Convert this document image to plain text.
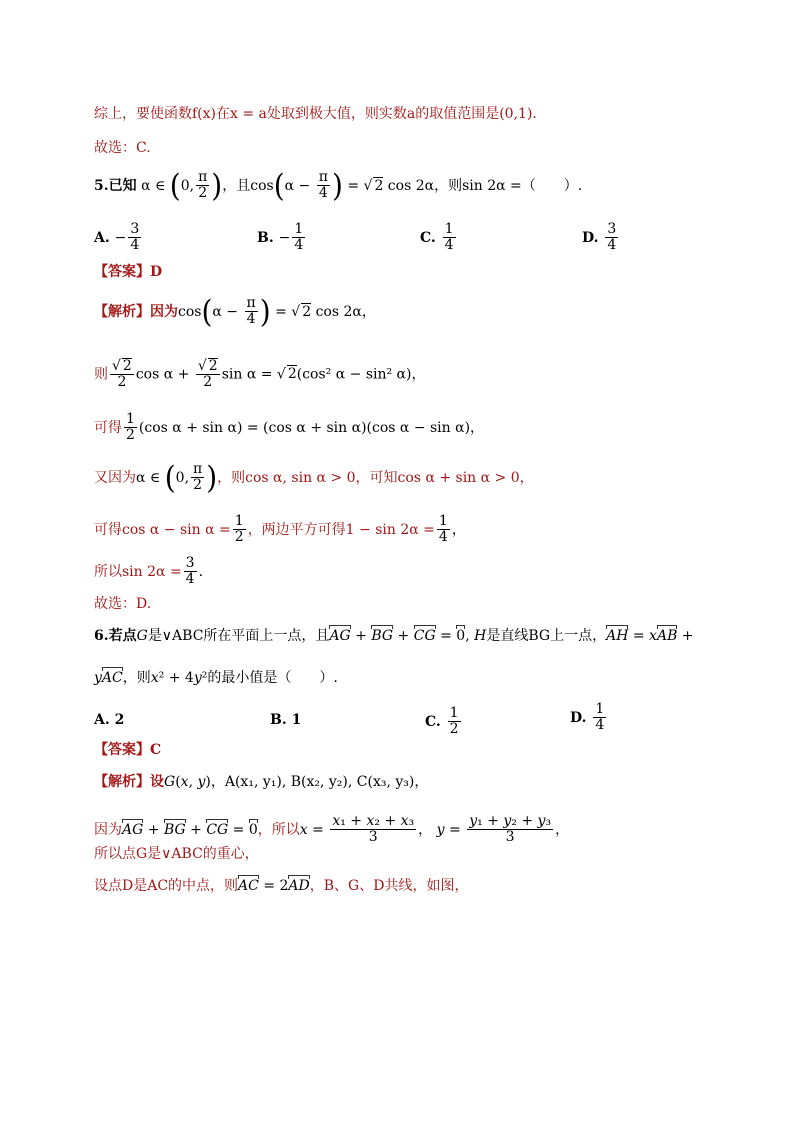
综上，要使函数f(x)在x = a处取到极大值，则实数a的取值范围是(0,1)．
故选：C.
5.已知 α ∈ (0, $\frac{\pi}{2}$ )，且$\cos(\alpha - \frac{\pi}{4}$ ) = √ 2 cos 2α，则sin 2α =（　　）.
A. − $\frac{3}{4}$	B. − $\frac{1}{4}$	C. $\frac{1}{4}$	D. $\frac{3}{4}$
【答案】D
【解析】因为$\cos(\alpha - \frac{\pi}{4}$ ) = √ 2 cos 2α，
则 $\frac{√ 2}{2}$ $\cos \alpha + \frac{√ 2}{2}$ sin α = √ 2(cos² α − sin² α)，
可得 $\frac{1}{2} (\cos$ α + sin α) = (cos α + sin α)(cos α − sin α)，
又因为α ∈ (0, $\frac{\pi}{2}$ )，则cos α, sin α > 0，可知cos α + sin α > 0，
可得$\cos \alpha - \sin \alpha = \frac{1}{2}$ ，两边平方可得$1 - \sin 2\alpha = \frac{1}{4}$ ，
所以$\sin 2\alpha = \frac{3}{4}$ .
故选：D.
6.若点G是∨ABC所在平面上一点，且AG + BG + CG = 0, H是直线BG上一点，AH = xAB +
yAC，则x² + 4y²的最小值是（　　）.
A. 2	B. 1	C. $\frac{1}{2}$	D. $\frac{1}{4}$
【答案】C
【解析】设G(x, y)，A(x₁, y₁), B(x₂, y₂), C(x₃, y₃)，
因为AG + BG + CG = 0，所以$x = \frac{\text{x₁ + x₂ + x₃}}{3}$ ， $y = \frac{\text{y₁ + y₂ + y₃}}{3}$ ，
所以点G是∨ABC的重心，
设点D是AC的中点，则AC = 2AD，B、G、D共线，如图，
